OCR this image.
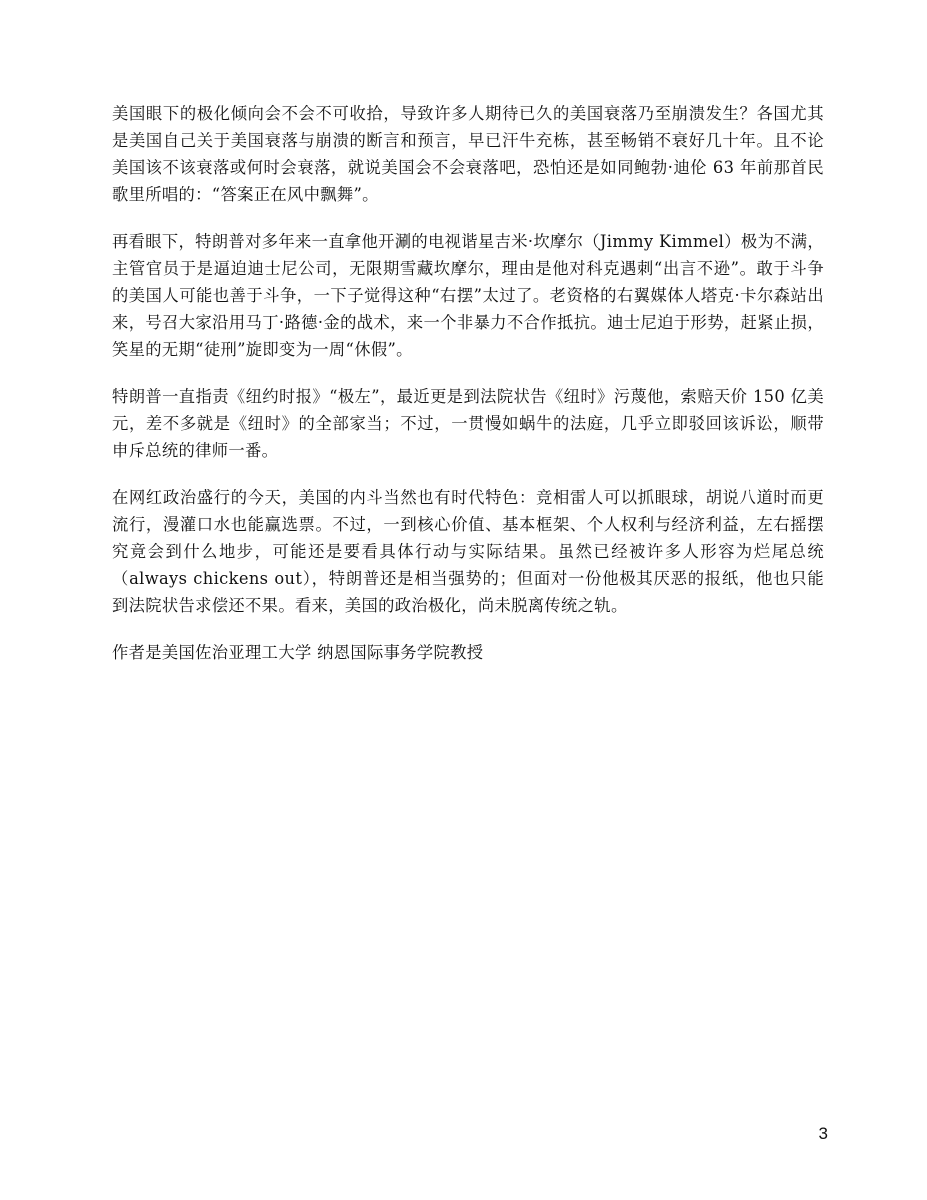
美国眼下的极化倾向会不会不可收拾，导致许多人期待已久的美国衰落乃至崩溃发生？各国尤其是美国自己关于美国衰落与崩溃的断言和预言，早已汗牛充栋，甚至畅销不衰好几十年。且不论美国该不该衰落或何时会衰落，就说美国会不会衰落吧，恐怕还是如同鲍勃·迪伦 63 年前那首民歌里所唱的：“答案正在风中飘舞”。

再看眼下，特朗普对多年来一直拿他开涮的电视谐星吉米·坎摩尔（Jimmy Kimmel）极为不满，主管官员于是逼迫迪士尼公司，无限期雪藏坎摩尔，理由是他对科克遇刺“出言不逊”。敢于斗争的美国人可能也善于斗争，一下子觉得这种“右摆”太过了。老资格的右翼媒体人塔克·卡尔森站出来，号召大家沿用马丁·路德·金的战术，来一个非暴力不合作抵抗。迪士尼迫于形势，赶紧止损，笑星的无期“徒刑”旋即变为一周“休假”。

特朗普一直指责《纽约时报》“极左”，最近更是到法院状告《纽时》污蔑他，索赔天价 150 亿美元，差不多就是《纽时》的全部家当；不过，一贯慢如蜗牛的法庭，几乎立即驳回该诉讼，顺带申斥总统的律师一番。

在网红政治盛行的今天，美国的内斗当然也有时代特色：竞相雷人可以抓眼球，胡说八道时而更流行，漫灌口水也能赢选票。不过，一到核心价值、基本框架、个人权利与经济利益，左右摇摆究竟会到什么地步，可能还是要看具体行动与实际结果。虽然已经被许多人形容为烂尾总统（always chickens out），特朗普还是相当强势的；但面对一份他极其厌恶的报纸，他也只能到法院状告求偿还不果。看来，美国的政治极化，尚未脱离传统之轨。

作者是美国佐治亚理工大学 纳恩国际事务学院教授

3
